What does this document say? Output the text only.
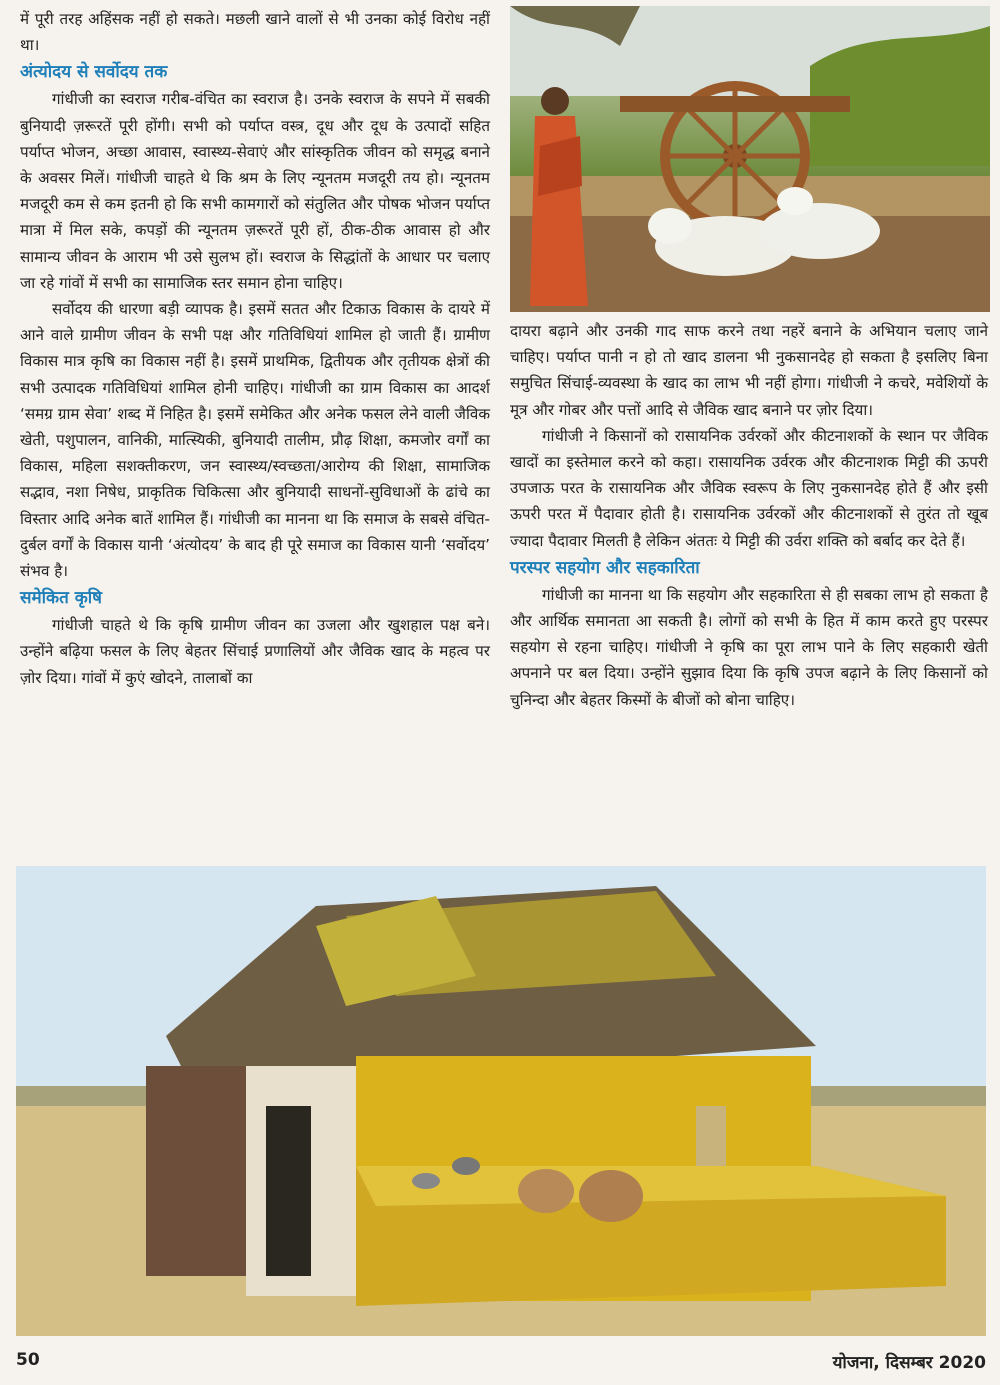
में पूरी तरह अहिंसक नहीं हो सकते। मछली खाने वालों से भी उनका कोई विरोध नहीं था।

अंत्योदय से सर्वोदय तक

गांधीजी का स्वराज गरीब-वंचित का स्वराज है। उनके स्वराज के सपने में सबकी बुनियादी ज़रूरतें पूरी होंगी। सभी को पर्याप्त वस्त्र, दूध और दूध के उत्पादों सहित पर्याप्त भोजन, अच्छा आवास, स्वास्थ्य-सेवाएं और सांस्कृतिक जीवन को समृद्ध बनाने के अवसर मिलें। गांधीजी चाहते थे कि श्रम के लिए न्यूनतम मजदूरी तय हो। न्यूनतम मजदूरी कम से कम इतनी हो कि सभी कामगारों को संतुलित और पोषक भोजन पर्याप्त मात्रा में मिल सके, कपड़ों की न्यूनतम ज़रूरतें पूरी हों, ठीक-ठीक आवास हो और सामान्य जीवन के आराम भी उसे सुलभ हों। स्वराज के सिद्धांतों के आधार पर चलाए जा रहे गांवों में सभी का सामाजिक स्तर समान होना चाहिए।

सर्वोदय की धारणा बड़ी व्यापक है। इसमें सतत और टिकाऊ विकास के दायरे में आने वाले ग्रामीण जीवन के सभी पक्ष और गतिविधियां शामिल हो जाती हैं। ग्रामीण विकास मात्र कृषि का विकास नहीं है। इसमें प्राथमिक, द्वितीयक और तृतीयक क्षेत्रों की सभी उत्पादक गतिविधियां शामिल होनी चाहिए। गांधीजी का ग्राम विकास का आदर्श ‘समग्र ग्राम सेवा’ शब्द में निहित है। इसमें समेकित और अनेक फसल लेने वाली जैविक खेती, पशुपालन, वानिकी, मात्स्यिकी, बुनियादी तालीम, प्रौढ़ शिक्षा, कमजोर वर्गों का विकास, महिला सशक्तीकरण, जन स्वास्थ्य/स्वच्छता/आरोग्य की शिक्षा, सामाजिक सद्भाव, नशा निषेध, प्राकृतिक चिकित्सा और बुनियादी साधनों-सुविधाओं के ढांचे का विस्तार आदि अनेक बातें शामिल हैं। गांधीजी का मानना था कि समाज के सबसे वंचित-दुर्बल वर्गों के विकास यानी ‘अंत्योदय’ के बाद ही पूरे समाज का विकास यानी ‘सर्वोदय’ संभव है।

समेकित कृषि

गांधीजी चाहते थे कि कृषि ग्रामीण जीवन का उजला और खुशहाल पक्ष बने। उन्होंने बढ़िया फसल के लिए बेहतर सिंचाई प्रणालियों और जैविक खाद के महत्व पर ज़ोर दिया। गांवों में कुएं खोदने, तालाबों का

दायरा बढ़ाने और उनकी गाद साफ करने तथा नहरें बनाने के अभियान चलाए जाने चाहिए। पर्याप्त पानी न हो तो खाद डालना भी नुकसानदेह हो सकता है इसलिए बिना समुचित सिंचाई-व्यवस्था के खाद का लाभ भी नहीं होगा। गांधीजी ने कचरे, मवेशियों के मूत्र और गोबर और पत्तों आदि से जैविक खाद बनाने पर ज़ोर दिया।

गांधीजी ने किसानों को रासायनिक उर्वरकों और कीटनाशकों के स्थान पर जैविक खादों का इस्तेमाल करने को कहा। रासायनिक उर्वरक और कीटनाशक मिट्टी की ऊपरी उपजाऊ परत के रासायनिक और जैविक स्वरूप के लिए नुकसानदेह होते हैं और इसी ऊपरी परत में पैदावार होती है। रासायनिक उर्वरकों और कीटनाशकों से तुरंत तो खूब ज्यादा पैदावार मिलती है लेकिन अंततः ये मिट्टी की उर्वरा शक्ति को बर्बाद कर देते हैं।

परस्पर सहयोग और सहकारिता

गांधीजी का मानना था कि सहयोग और सहकारिता से ही सबका लाभ हो सकता है और आर्थिक समानता आ सकती है। लोगों को सभी के हित में काम करते हुए परस्पर सहयोग से रहना चाहिए। गांधीजी ने कृषि का पूरा लाभ पाने के लिए सहकारी खेती अपनाने पर बल दिया। उन्होंने सुझाव दिया कि कृषि उपज बढ़ाने के लिए किसानों को चुनिन्दा और बेहतर किस्मों के बीजों को बोना चाहिए।

50	योजना, दिसम्बर 2020
